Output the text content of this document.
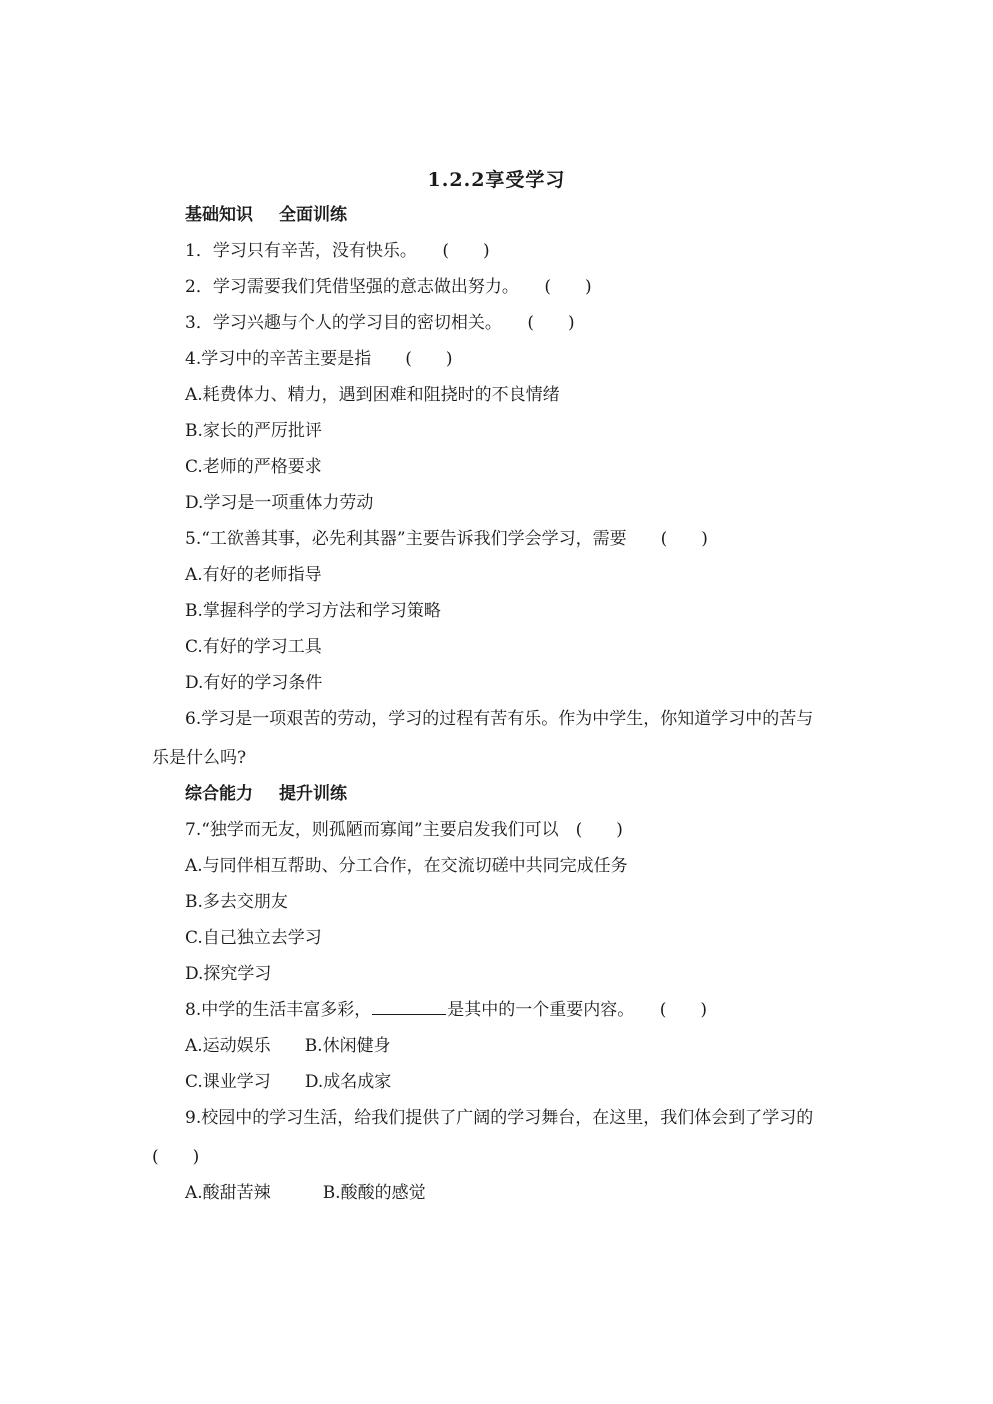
1.2.2享受学习
基础知识 全面训练
1．学习只有辛苦，没有快乐。　　(　　)
2．学习需要我们凭借坚强的意志做出努力。　　(　　)
3．学习兴趣与个人的学习目的密切相关。　　(　　)
4.学习中的辛苦主要是指　　(　　)
A.耗费体力、精力，遇到困难和阻挠时的不良情绪
B.家长的严厉批评
C.老师的严格要求
D.学习是一项重体力劳动
5.“工欲善其事，必先利其器”主要告诉我们学会学习，需要　　(　　)
A.有好的老师指导
B.掌握科学的学习方法和学习策略
C.有好的学习工具
D.有好的学习条件
6.学习是一项艰苦的劳动，学习的过程有苦有乐。作为中学生，你知道学习中的苦与
乐是什么吗?
综合能力 提升训练
7.“独学而无友，则孤陋而寡闻”主要启发我们可以　(　　)
A.与同伴相互帮助、分工合作，在交流切磋中共同完成任务
B.多去交朋友
C.自己独立去学习
D.探究学习
8.中学的生活丰富多彩，	是其中的一个重要内容。　　(　　)
A.运动娱乐 B.休闲健身
C.课业学习 D.成名成家
9.校园中的学习生活，给我们提供了广阔的学习舞台，在这里，我们体会到了学习的
(　　)
A.酸甜苦辣	B.酸酸的感觉
